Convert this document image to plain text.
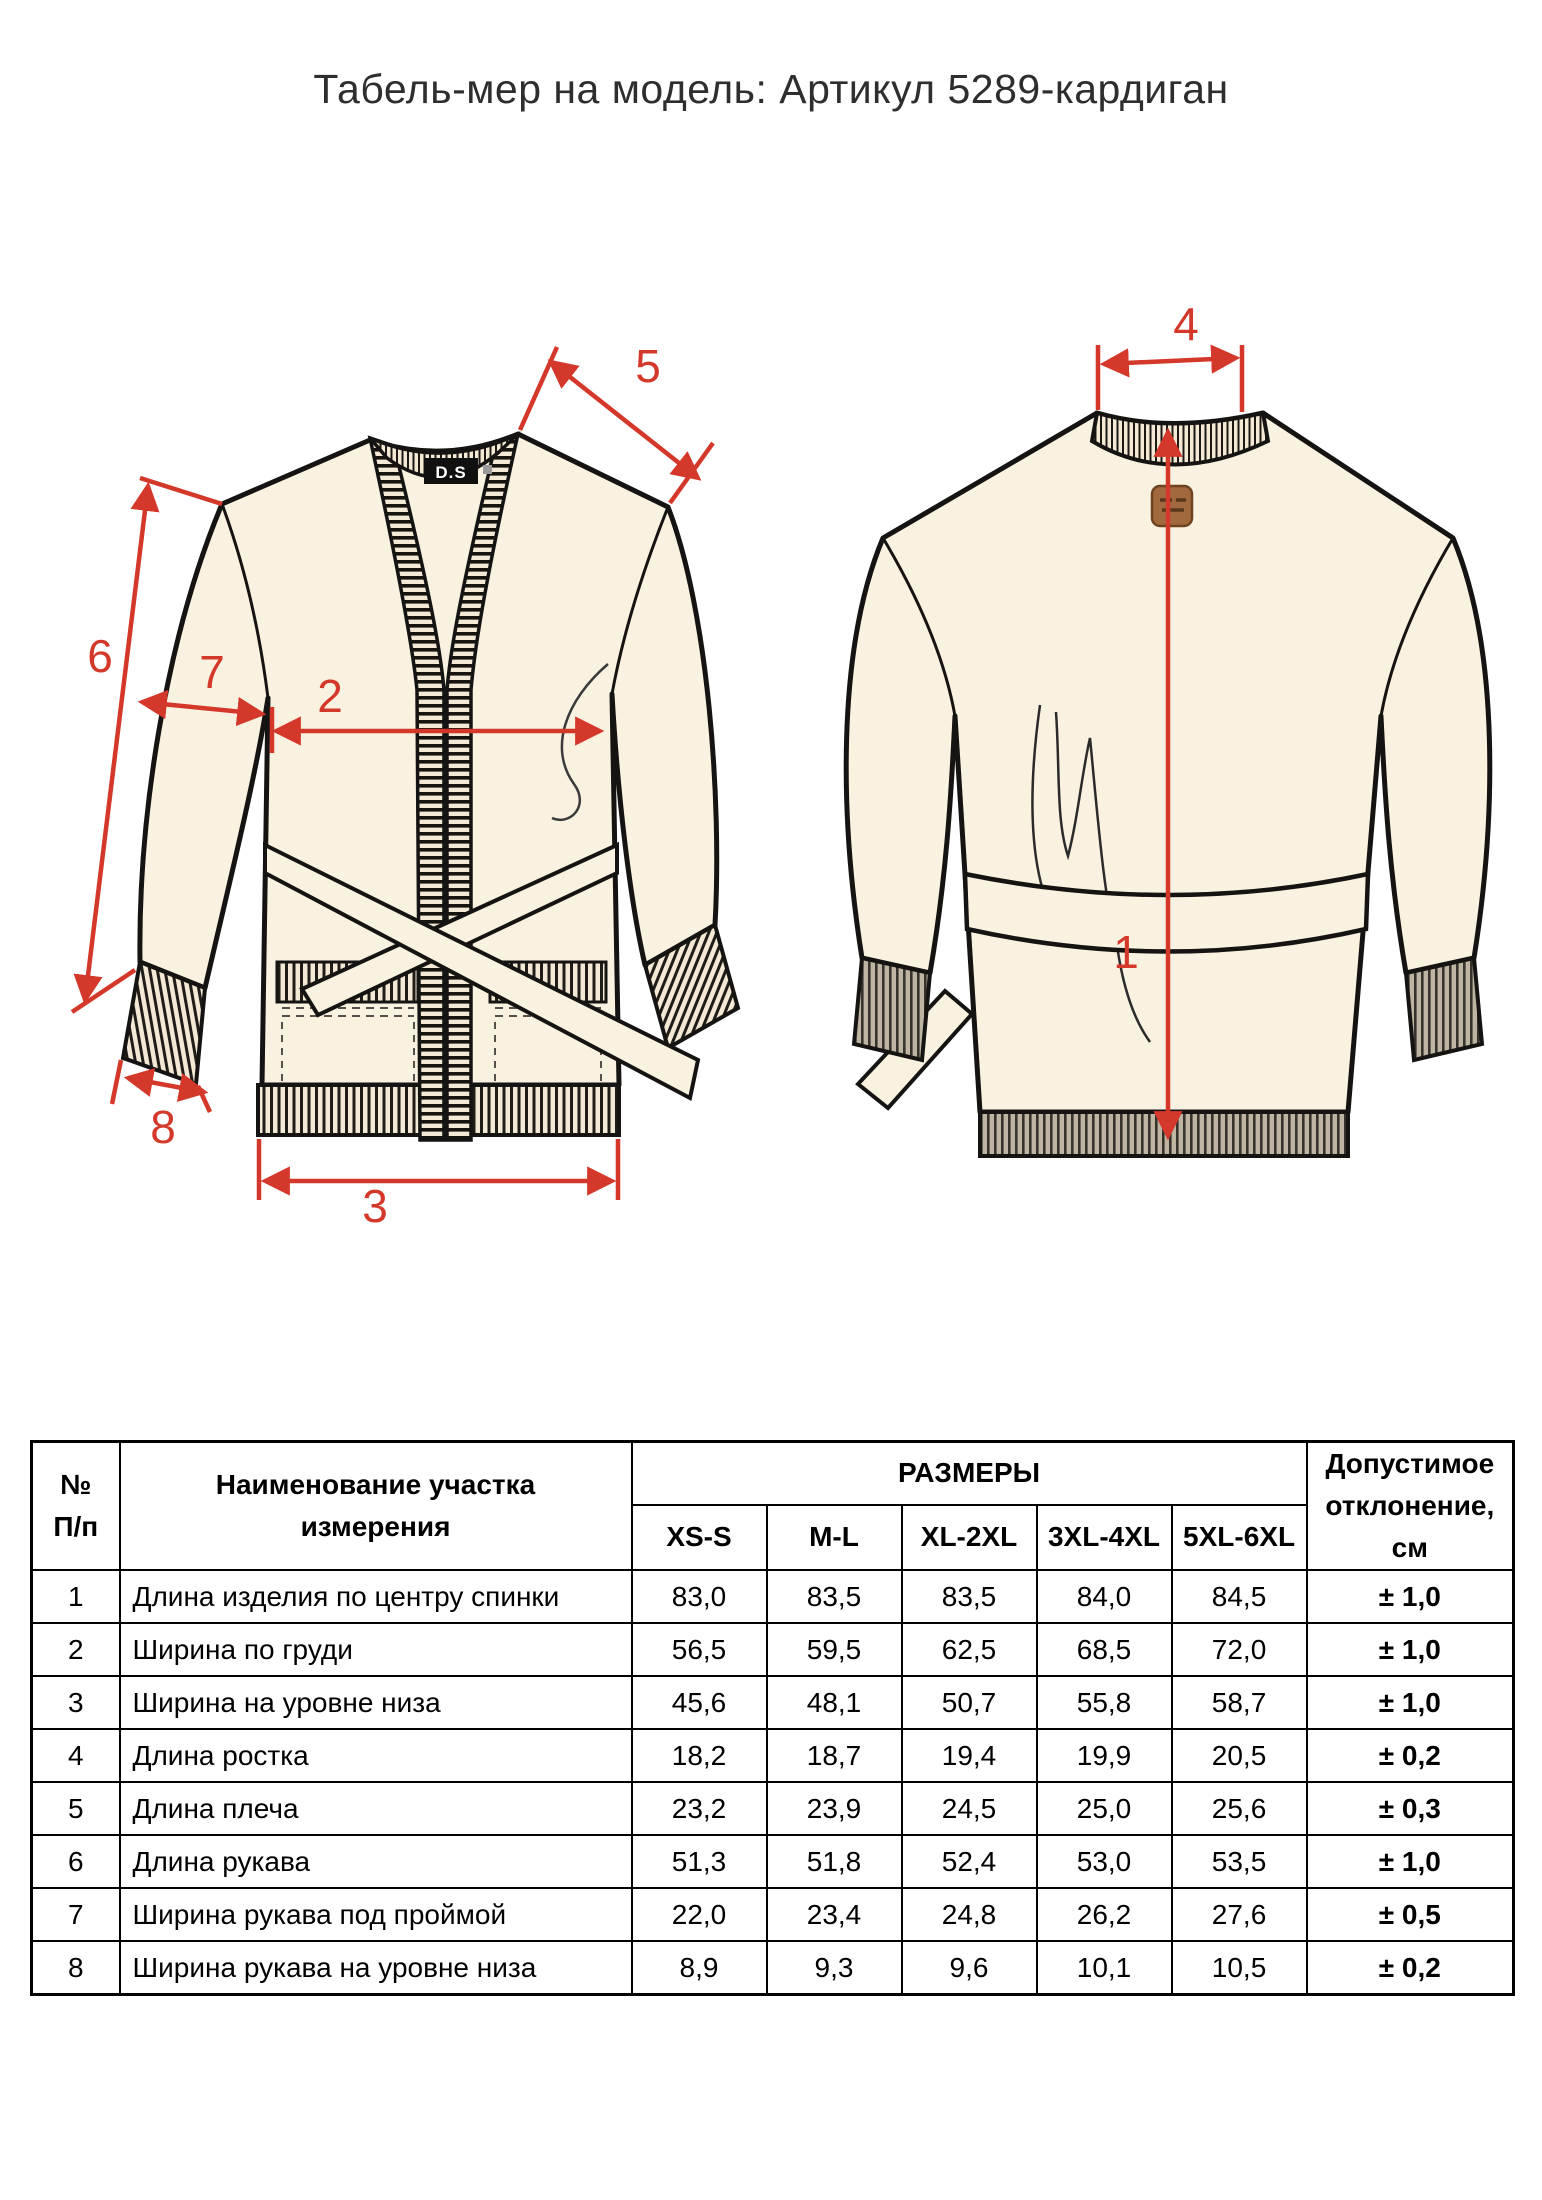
Табель-мер на модель: Артикул 5289-кардиган
D.S
6 7 2
5
8
3
4
1
№
П/п	Наименование участка
измерения	РАЗМЕРЫ					Допустимое
отклонение,
см
		XS-S	M-L	XL-2XL	3XL-4XL	5XL-6XL	
1	Длина изделия по центру спинки	83,0	83,5	83,5	84,0	84,5	± 1,0
2	Ширина по груди	56,5	59,5	62,5	68,5	72,0	± 1,0
3	Ширина на уровне низа	45,6	48,1	50,7	55,8	58,7	± 1,0
4	Длина ростка	18,2	18,7	19,4	19,9	20,5	± 0,2
5	Длина плеча	23,2	23,9	24,5	25,0	25,6	± 0,3
6	Длина рукава	51,3	51,8	52,4	53,0	53,5	± 1,0
7	Ширина рукава под проймой	22,0	23,4	24,8	26,2	27,6	± 0,5
8	Ширина рукава на уровне низа	8,9	9,3	9,6	10,1	10,5	± 0,2
